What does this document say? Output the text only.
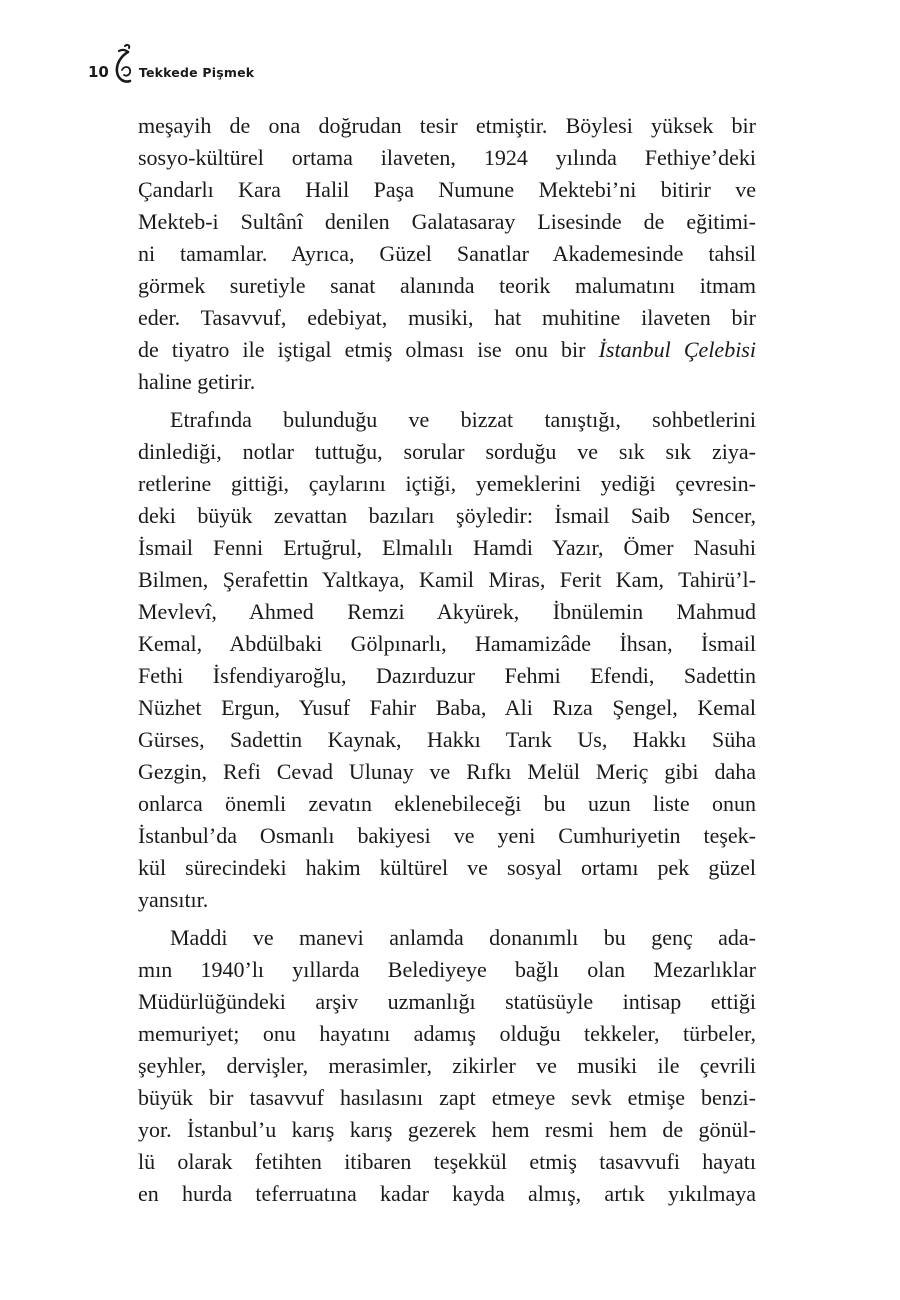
10 Tekkede Pişmek

meşayih de ona doğrudan tesir etmiştir. Böylesi yüksek bir
sosyo-kültürel ortama ilaveten, 1924 yılında Fethiye’deki
Çandarlı Kara Halil Paşa Numune Mektebi’ni bitirir ve
Mekteb-i Sultânî denilen Galatasaray Lisesinde de eğitimi-
ni tamamlar. Ayrıca, Güzel Sanatlar Akademesinde tahsil
görmek suretiyle sanat alanında teorik malumatını itmam
eder. Tasavvuf, edebiyat, musiki, hat muhitine ilaveten bir
de tiyatro ile iştigal etmiş olması ise onu bir İstanbul Çelebisi
haline getirir.

Etrafında bulunduğu ve bizzat tanıştığı, sohbetlerini
dinlediği, notlar tuttuğu, sorular sorduğu ve sık sık ziya-
retlerine gittiği, çaylarını içtiği, yemeklerini yediği çevresin-
deki büyük zevattan bazıları şöyledir: İsmail Saib Sencer,
İsmail Fenni Ertuğrul, Elmalılı Hamdi Yazır, Ömer Nasuhi
Bilmen, Şerafettin Yaltkaya, Kamil Miras, Ferit Kam, Tahirü’l-
Mevlevî, Ahmed Remzi Akyürek, İbnülemin Mahmud
Kemal, Abdülbaki Gölpınarlı, Hamamizâde İhsan, İsmail
Fethi İsfendiyaroğlu, Dazırduzur Fehmi Efendi, Sadettin
Nüzhet Ergun, Yusuf Fahir Baba, Ali Rıza Şengel, Kemal
Gürses, Sadettin Kaynak, Hakkı Tarık Us, Hakkı Süha
Gezgin, Refi Cevad Ulunay ve Rıfkı Melül Meriç gibi daha
onlarca önemli zevatın eklenebileceği bu uzun liste onun
İstanbul’da Osmanlı bakiyesi ve yeni Cumhuriyetin teşek-
kül sürecindeki hakim kültürel ve sosyal ortamı pek güzel
yansıtır.

Maddi ve manevi anlamda donanımlı bu genç ada-
mın 1940’lı yıllarda Belediyeye bağlı olan Mezarlıklar
Müdürlüğündeki arşiv uzmanlığı statüsüyle intisap ettiği
memuriyet; onu hayatını adamış olduğu tekkeler, türbeler,
şeyhler, dervişler, merasimler, zikirler ve musiki ile çevrili
büyük bir tasavvuf hasılasını zapt etmeye sevk etmişe benzi-
yor. İstanbul’u karış karış gezerek hem resmi hem de gönül-
lü olarak fetihten itibaren teşekkül etmiş tasavvufi hayatı
en hurda teferruatına kadar kayda almış, artık yıkılmaya
